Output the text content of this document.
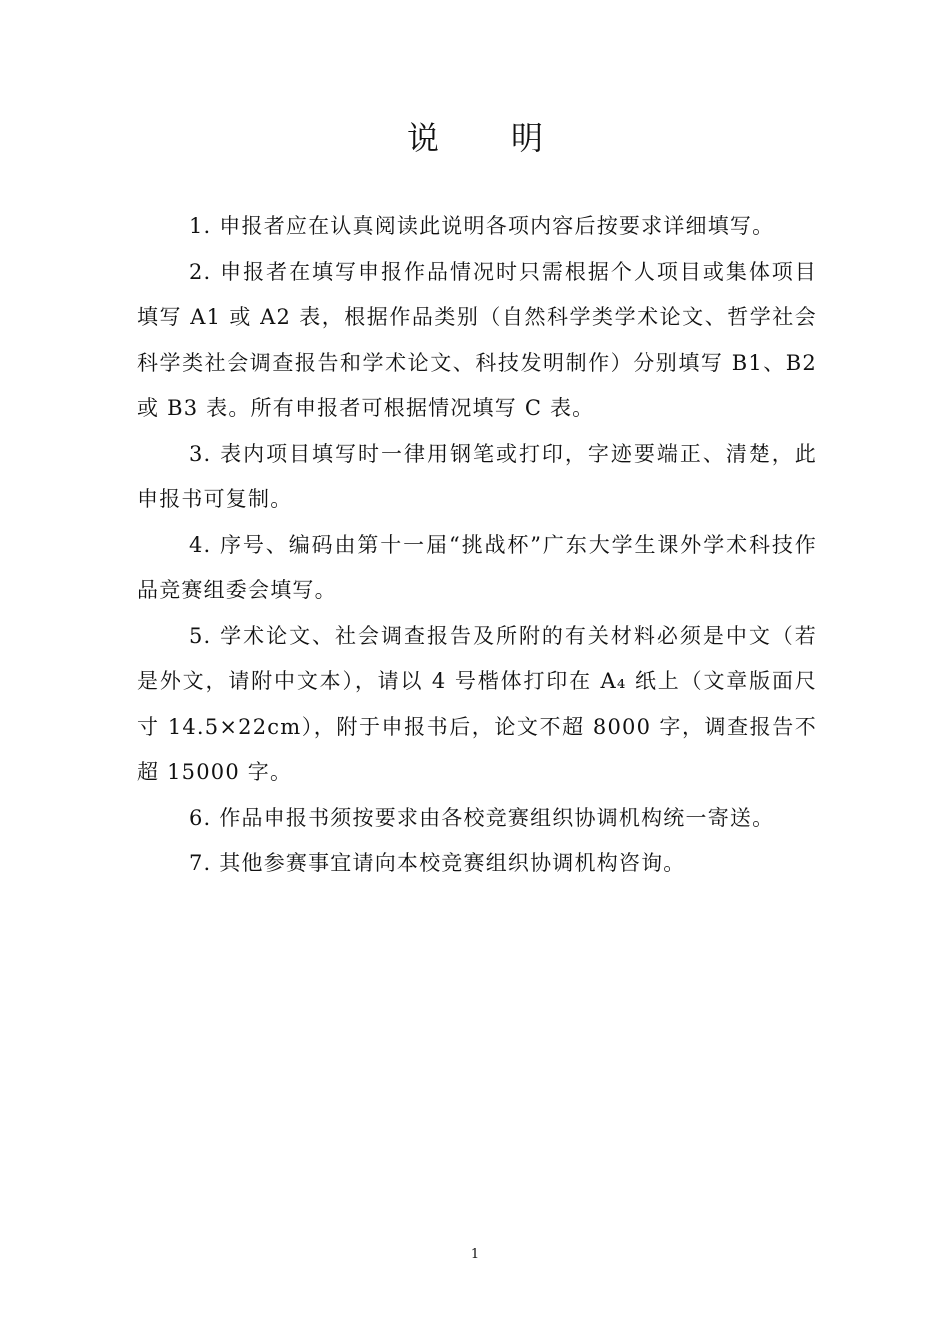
说明

1. 申报者应在认真阅读此说明各项内容后按要求详细填写。

2. 申报者在填写申报作品情况时只需根据个人项目或集体项目填写 A1 或 A2 表，根据作品类别（自然科学类学术论文、哲学社会科学类社会调查报告和学术论文、科技发明制作）分别填写 B1、B2 或 B3 表。所有申报者可根据情况填写 C 表。

3. 表内项目填写时一律用钢笔或打印，字迹要端正、清楚，此申报书可复制。

4. 序号、编码由第十一届“挑战杯”广东大学生课外学术科技作品竞赛组委会填写。

5. 学术论文、社会调查报告及所附的有关材料必须是中文（若是外文，请附中文本），请以 4 号楷体打印在 A₄ 纸上（文章版面尺寸 14.5×22cm），附于申报书后，论文不超 8000 字，调查报告不超 15000 字。

6. 作品申报书须按要求由各校竞赛组织协调机构统一寄送。

7. 其他参赛事宜请向本校竞赛组织协调机构咨询。

1
